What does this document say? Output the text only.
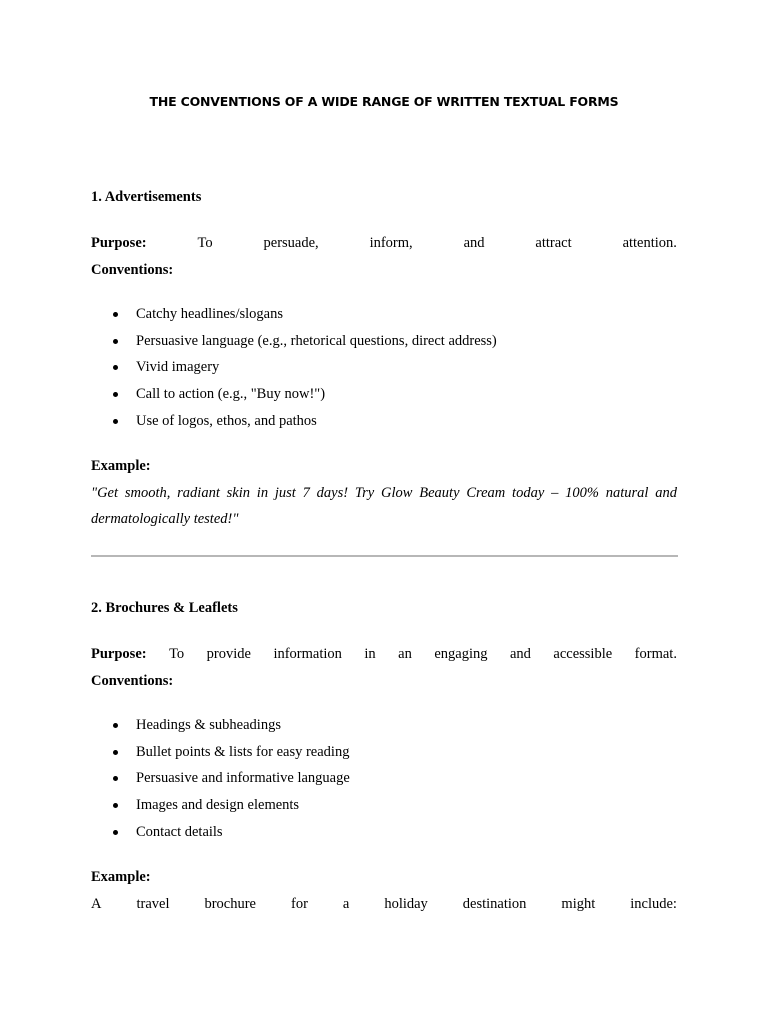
THE CONVENTIONS OF A WIDE RANGE OF WRITTEN TEXTUAL FORMS

1. Advertisements

Purpose:	To	persuade,	inform,	and	attract	attention.
Conventions:
Catchy headlines/slogans
Persuasive language (e.g., rhetorical questions, direct address)
Vivid imagery
Call to action (e.g., "Buy now!")
Use of logos, ethos, and pathos
Example:
"Get smooth, radiant skin in just 7 days! Try Glow Beauty Cream today – 100% natural and dermatologically tested!"

2. Brochures & Leaflets

Purpose: To provide information in an engaging and accessible format.
Conventions:
Headings & subheadings
Bullet points & lists for easy reading
Persuasive and informative language
Images and design elements
Contact details
Example:
A travel brochure for a holiday destination might include:
